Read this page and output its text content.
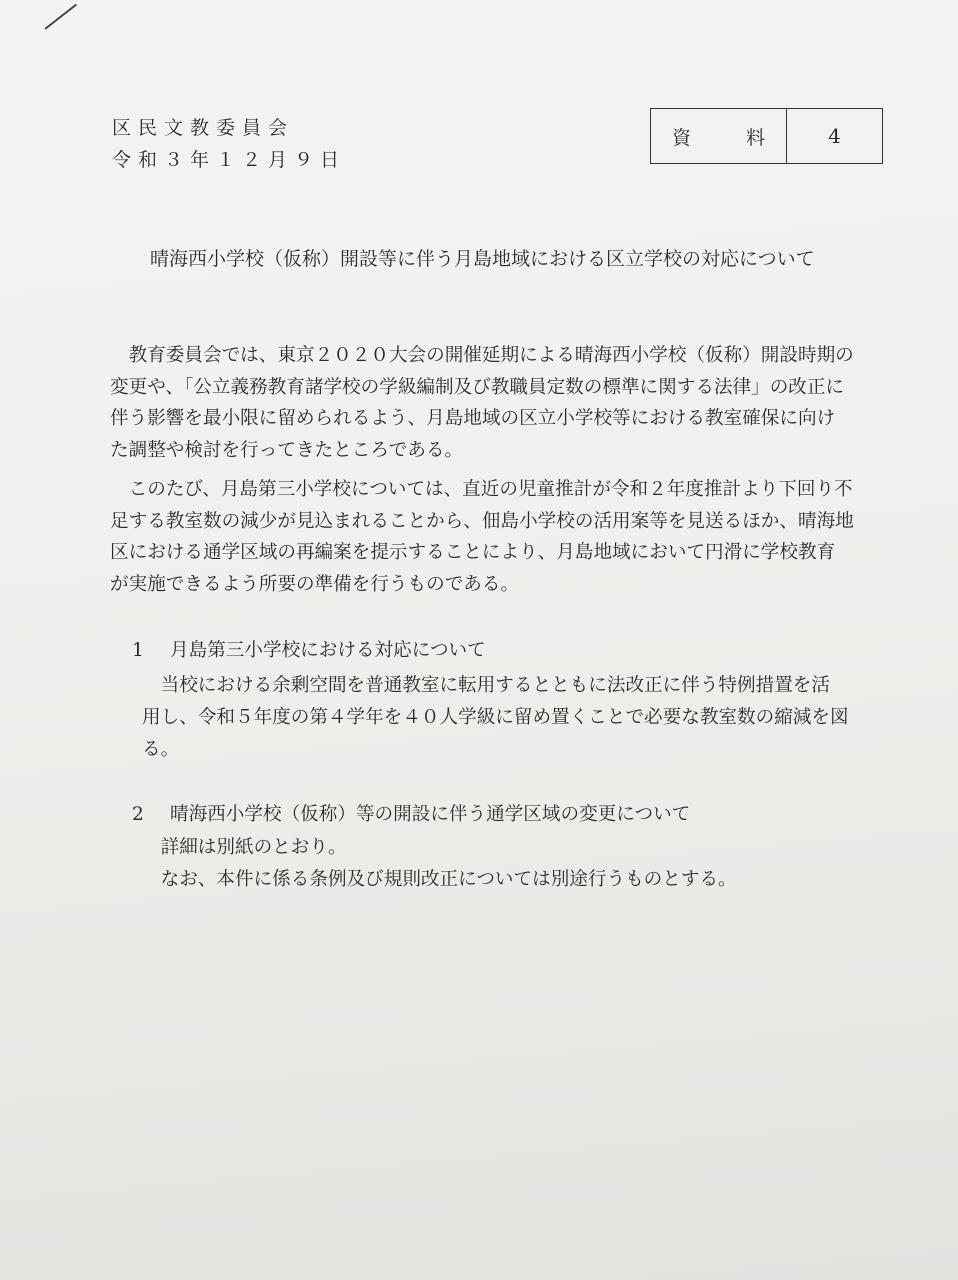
区民文教委員会
令和３年１２月９日
資　料	4
晴海西小学校（仮称）開設等に伴う月島地域における区立学校の対応について
　教育委員会では、東京２０２０大会の開催延期による晴海西小学校（仮称）開設時期の
変更や、「公立義務教育諸学校の学級編制及び教職員定数の標準に関する法律」の改正に
伴う影響を最小限に留められるよう、月島地域の区立小学校等における教室確保に向け
た調整や検討を行ってきたところである。
　このたび、月島第三小学校については、直近の児童推計が令和２年度推計より下回り不
足する教室数の減少が見込まれることから、佃島小学校の活用案等を見送るほか、晴海地
区における通学区域の再編案を提示することにより、月島地域において円滑に学校教育
が実施できるよう所要の準備を行うものである。
1 月島第三小学校における対応について
　当校における余剰空間を普通教室に転用するとともに法改正に伴う特例措置を活
用し、令和５年度の第４学年を４０人学級に留め置くことで必要な教室数の縮減を図
る。
2 晴海西小学校（仮称）等の開設に伴う通学区域の変更について
　詳細は別紙のとおり。
　なお、本件に係る条例及び規則改正については別途行うものとする。
